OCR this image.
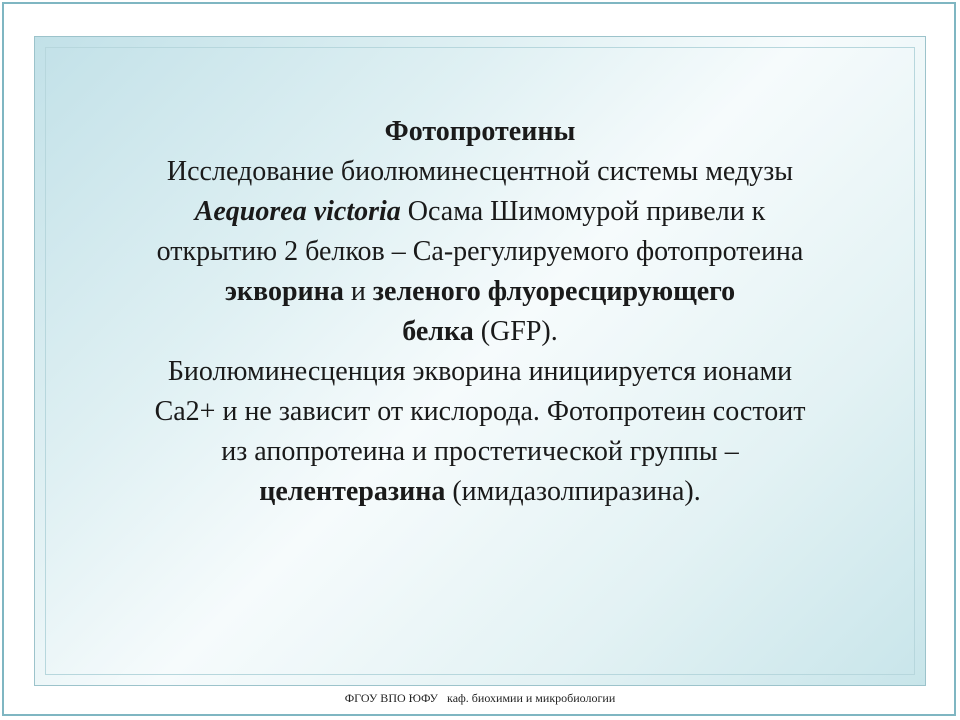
Фотопротеины
Исследование биолюминесцентной системы медузы
Aequorea victoria Осама Шимомурой привели к
открытию 2 белков – Са-регулируемого фотопротеина
экворина и зеленого флуоресцирующего
белка (GFP).
Биолюминесценция экворина инициируется ионами
Са2+ и не зависит от кислорода. Фотопротеин состоит
из апопротеина и простетической группы –
целентеразина (имидазолпиразина).
ФГОУ ВПО ЮФУ каф. биохимии и микробиологии
